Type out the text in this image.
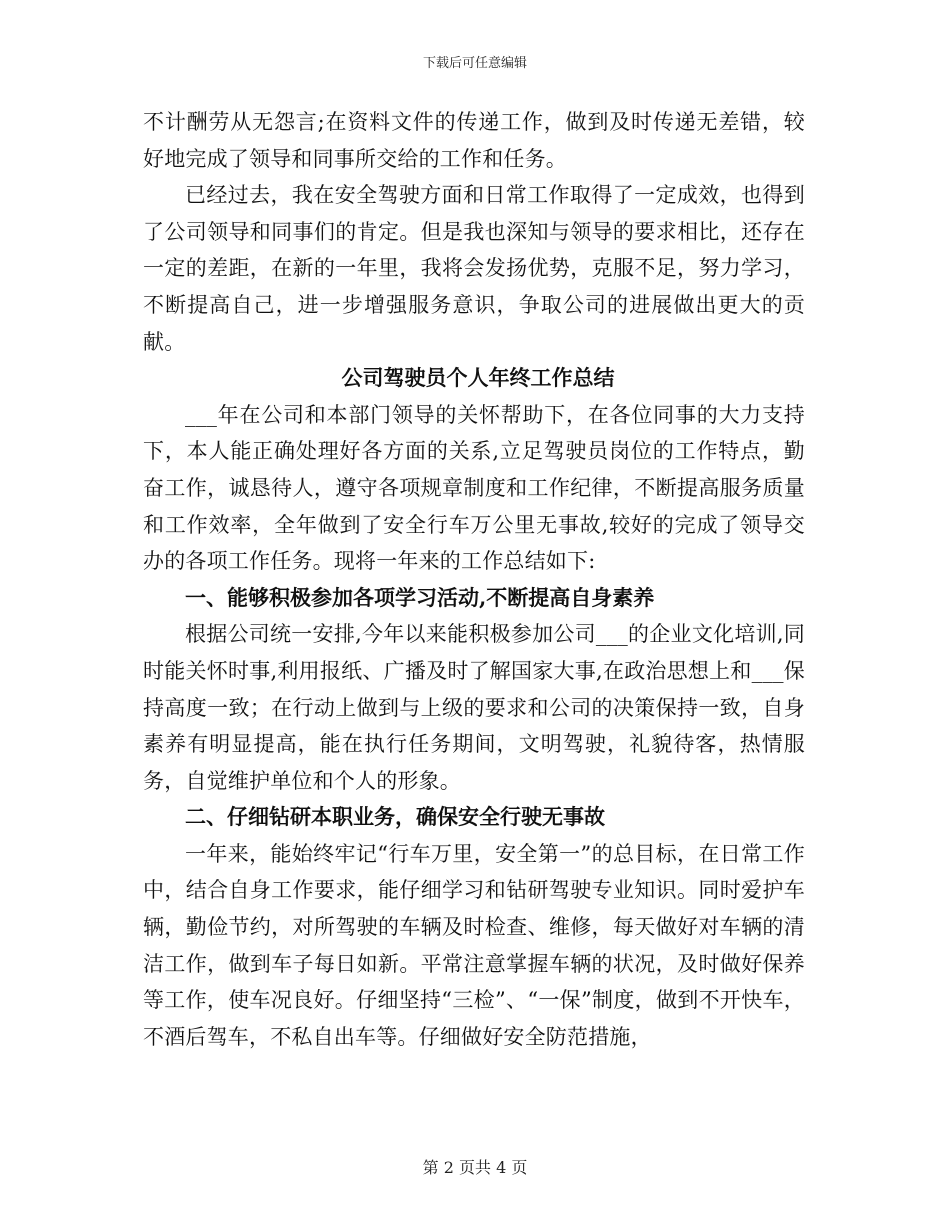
下载后可任意编辑

不计酬劳从无怨言;在资料文件的传递工作，做到及时传递无差错，较好地完成了领导和同事所交给的工作和任务。

已经过去，我在安全驾驶方面和日常工作取得了一定成效，也得到了公司领导和同事们的肯定。但是我也深知与领导的要求相比，还存在一定的差距，在新的一年里，我将会发扬优势，克服不足，努力学习，不断提高自己，进一步增强服务意识，争取公司的进展做出更大的贡献。

公司驾驶员个人年终工作总结

___年在公司和本部门领导的关怀帮助下，在各位同事的大力支持下，本人能正确处理好各方面的关系,立足驾驶员岗位的工作特点，勤奋工作，诚恳待人，遵守各项规章制度和工作纪律，不断提高服务质量和工作效率，全年做到了安全行车万公里无事故,较好的完成了领导交办的各项工作任务。现将一年来的工作总结如下:

一、能够积极参加各项学习活动,不断提高自身素养

根据公司统一安排,今年以来能积极参加公司___的企业文化培训,同时能关怀时事,利用报纸、广播及时了解国家大事,在政治思想上和___保持高度一致；在行动上做到与上级的要求和公司的决策保持一致，自身素养有明显提高，能在执行任务期间，文明驾驶，礼貌待客，热情服务，自觉维护单位和个人的形象。

二、仔细钻研本职业务，确保安全行驶无事故

一年来，能始终牢记“行车万里，安全第一”的总目标，在日常工作中，结合自身工作要求，能仔细学习和钻研驾驶专业知识。同时爱护车辆，勤俭节约，对所驾驶的车辆及时检查、维修，每天做好对车辆的清洁工作，做到车子每日如新。平常注意掌握车辆的状况，及时做好保养等工作，使车况良好。仔细坚持“三检”、“一保”制度，做到不开快车，不酒后驾车，不私自出车等。仔细做好安全防范措施，

第 2 页共 4 页
